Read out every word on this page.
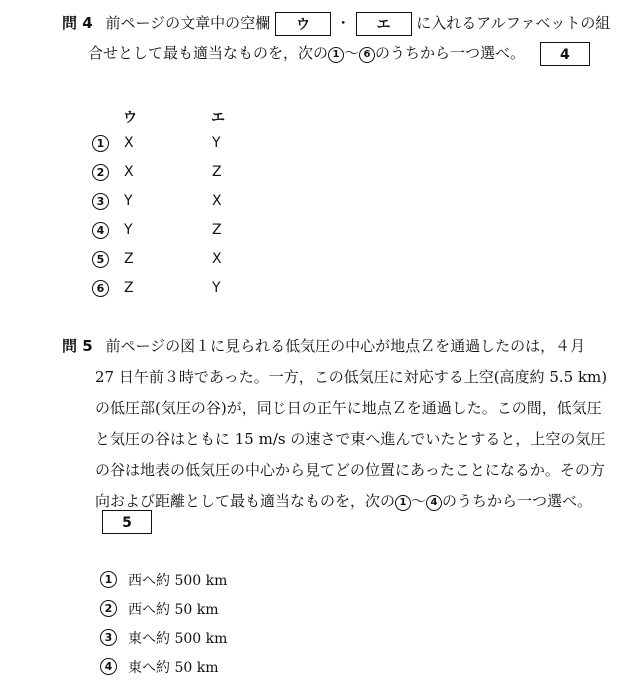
問 4 前ページの文章中の空欄 ウ ・ エ に入れるアルファベットの組
合せとして最も適当なものを，次の 1 ～ 6 のうちから一つ選べ。 4
ウ	エ
1	X	Y
2	X	Z
3	Y	X
4	Y	Z
5	Z	X
6	Z	Y
問 5 前ページの図１に見られる低気圧の中心が地点Ｚを通過したのは，４月
27 日午前３時であった。一方，この低気圧に対応する上空(高度約 5.5 km)
の低圧部(気圧の谷)が，同じ日の正午に地点Ｚを通過した。この間，低気圧
と気圧の谷はともに 15 m/s の速さで東へ進んでいたとすると，上空の気圧
の谷は地表の低気圧の中心から見てどの位置にあったことになるか。その方
向および距離として最も適当なものを，次の 1 ～ 4 のうちから一つ選べ。
5
1	西へ約 500 km
2	西へ約 50 km
3	東へ約 500 km
4	東へ約 50 km
